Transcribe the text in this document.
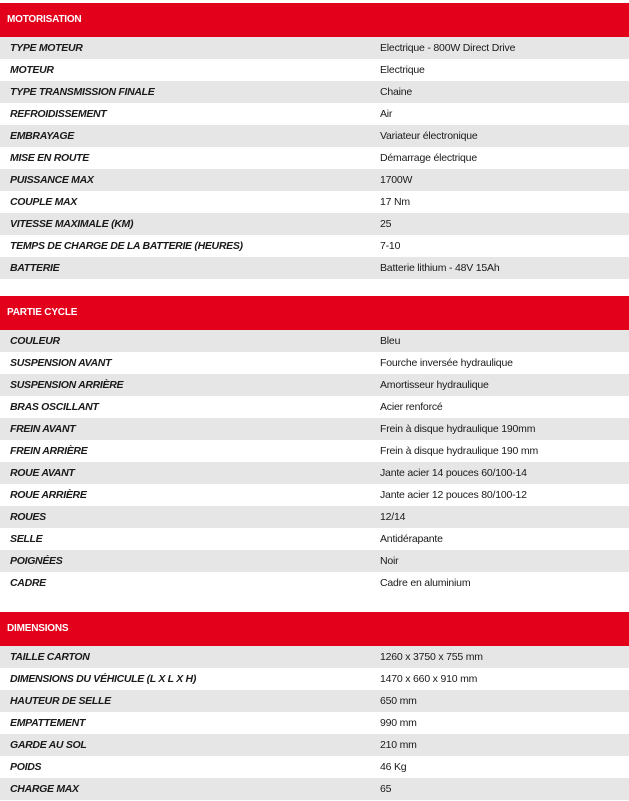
MOTORISATION
TYPE MOTEUR	Electrique - 800W Direct Drive
MOTEUR	Electrique
TYPE TRANSMISSION FINALE	Chaine
REFROIDISSEMENT	Air
EMBRAYAGE	Variateur électronique
MISE EN ROUTE	Démarrage électrique
PUISSANCE MAX	1700W
COUPLE MAX	17 Nm
VITESSE MAXIMALE (KM)	25
TEMPS DE CHARGE DE LA BATTERIE (HEURES)	7-10
BATTERIE	Batterie lithium - 48V 15Ah
PARTIE CYCLE
COULEUR	Bleu
SUSPENSION AVANT	Fourche inversée hydraulique
SUSPENSION ARRIÈRE	Amortisseur hydraulique
BRAS OSCILLANT	Acier renforcé
FREIN AVANT	Frein à disque hydraulique 190mm
FREIN ARRIÈRE	Frein à disque hydraulique 190 mm
ROUE AVANT	Jante acier 14 pouces 60/100-14
ROUE ARRIÈRE	Jante acier 12 pouces 80/100-12
ROUES	12/14
SELLE	Antidérapante
POIGNÉES	Noir
CADRE	Cadre en aluminium
DIMENSIONS
TAILLE CARTON	1260 x 3750 x 755 mm
DIMENSIONS DU VÉHICULE (L X L X H)	1470 x 660 x 910 mm
HAUTEUR DE SELLE	650 mm
EMPATTEMENT	990 mm
GARDE AU SOL	210 mm
POIDS	46 Kg
CHARGE MAX	65
